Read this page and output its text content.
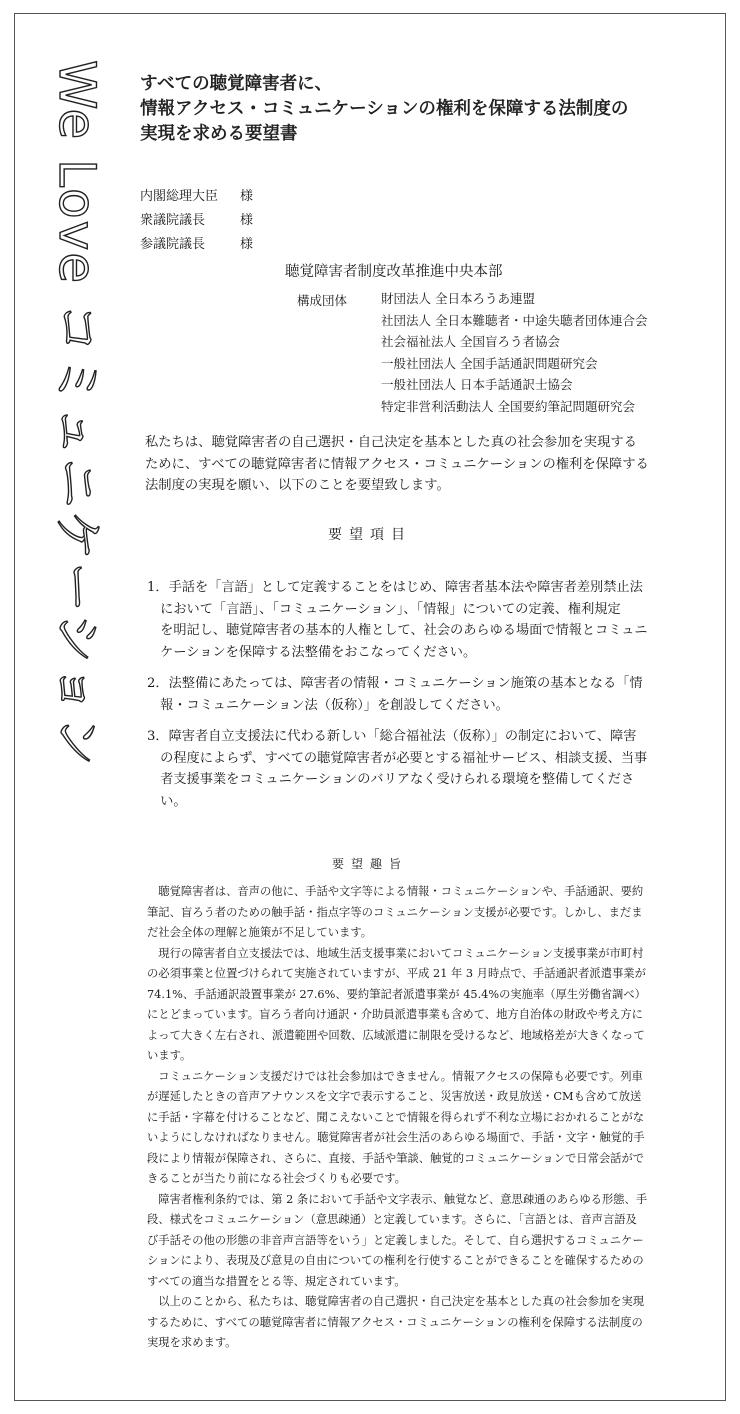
We Love コミュニケーション	すべての聴覚障害者に、
情報アクセス・コミュニケーションの権利を保障する法制度の
実現を求める要望書
内閣総理大臣 様
衆議院議長	様
参議院議長	様
聴覚障害者制度改革推進中央本部
構成団体	財団法人 全日本ろうあ連盟
社団法人 全日本難聴者・中途失聴者団体連合会
社会福祉法人 全国盲ろう者協会
一般社団法人 全国手話通訳問題研究会
一般社団法人 日本手話通訳士協会
特定非営利活動法人 全国要約筆記問題研究会
私たちは、聴覚障害者の自己選択・自己決定を基本とした真の社会参加を実現する
ために、すべての聴覚障害者に情報アクセス・コミュニケーションの権利を保障する
法制度の実現を願い、以下のことを要望致します。
要望項目
1．手話を「言語」として定義することをはじめ、障害者基本法や障害者差別禁止法
　において「言語」、「コミュニケーション」、「情報」についての定義、権利規定
　を明記し、聴覚障害者の基本的人権として、社会のあらゆる場面で情報とコミュニ
　ケーションを保障する法整備をおこなってください。
2．法整備にあたっては、障害者の情報・コミュニケーション施策の基本となる「情
　報・コミュニケーション法（仮称）」を創設してください。
3．障害者自立支援法に代わる新しい「総合福祉法（仮称）」の制定において、障害
　の程度によらず、すべての聴覚障害者が必要とする福祉サービス、相談支援、当事
　者支援事業をコミュニケーションのバリアなく受けられる環境を整備してくださ
　い。
要望趣旨
　聴覚障害者は、音声の他に、手話や文字等による情報・コミュニケーションや、手話通訳、要約
筆記、盲ろう者のための触手話・指点字等のコミュニケーション支援が必要です。しかし、まだま
だ社会全体の理解と施策が不足しています。
　現行の障害者自立支援法では、地域生活支援事業においてコミュニケーション支援事業が市町村
の必須事業と位置づけられて実施されていますが、平成 21 年 3 月時点で、手話通訳者派遣事業が
74.1%、手話通訳設置事業が 27.6%、要約筆記者派遣事業が 45.4%の実施率（厚生労働省調べ）
にとどまっています。盲ろう者向け通訳・介助員派遣事業も含めて、地方自治体の財政や考え方に
よって大きく左右され、派遣範囲や回数、広域派遣に制限を受けるなど、地域格差が大きくなって
います。
　コミュニケーション支援だけでは社会参加はできません。情報アクセスの保障も必要です。列車
が遅延したときの音声アナウンスを文字で表示すること、災害放送・政見放送・CMも含めて放送
に手話・字幕を付けることなど、聞こえないことで情報を得られず不利な立場におかれることがな
いようにしなければなりません。聴覚障害者が社会生活のあらゆる場面で、手話・文字・触覚的手
段により情報が保障され、さらに、直接、手話や筆談、触覚的コミュニケーションで日常会話がで
きることが当たり前になる社会づくりも必要です。
　障害者権利条約では、第 2 条において手話や文字表示、触覚など、意思疎通のあらゆる形態、手
段、様式をコミュニケーション（意思疎通）と定義しています。さらに、「言語とは、音声言語及
び手話その他の形態の非音声言語等をいう」と定義しました。そして、自ら選択するコミュニケー
ションにより、表現及び意見の自由についての権利を行使することができることを確保するための
すべての適当な措置をとる等、規定されています。
　以上のことから、私たちは、聴覚障害者の自己選択・自己決定を基本とした真の社会参加を実現
するために、すべての聴覚障害者に情報アクセス・コミュニケーションの権利を保障する法制度の
実現を求めます。
